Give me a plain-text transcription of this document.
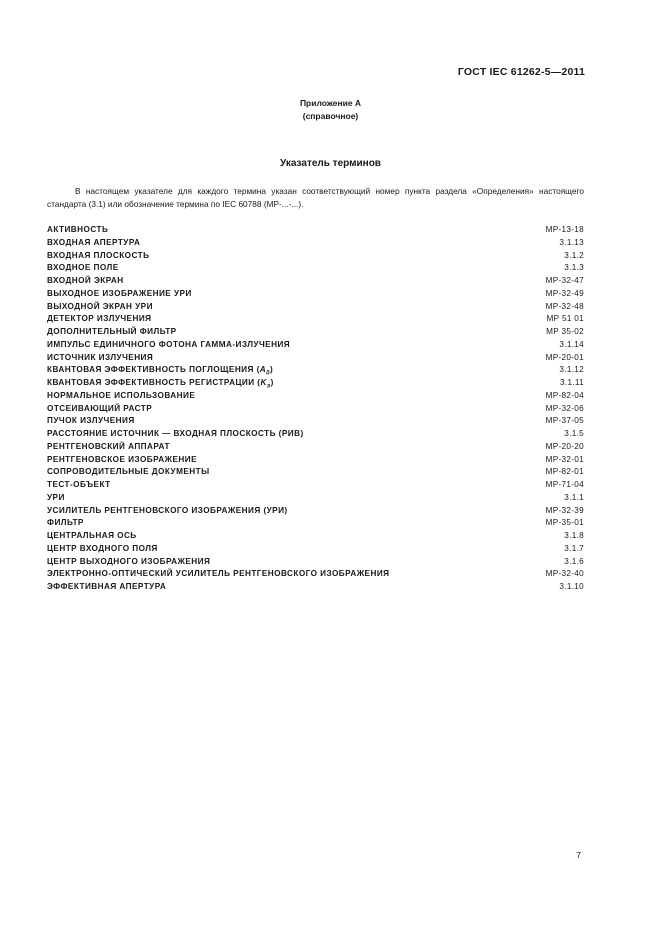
ГОСТ IEC 61262-5—2011
Приложение А
(справочное)
Указатель терминов

В настоящем указателе для каждого термина указан соответствующий номер пункта раздела «Определения» настоящего стандарта (3.1) или обозначение термина по IEC 60788 (МР-...-...).

АКТИВНОСТЬ	МР-13-18
ВХОДНАЯ АПЕРТУРА	3.1.13
ВХОДНАЯ ПЛОСКОСТЬ	3.1.2
ВХОДНОЕ ПОЛЕ	3.1.3
ВХОДНОЙ ЭКРАН	МР-32-47
ВЫХОДНОЕ ИЗОБРАЖЕНИЕ УРИ	МР-32-49
ВЫХОДНОЙ ЭКРАН УРИ	МР-32-48
ДЕТЕКТОР ИЗЛУЧЕНИЯ	МР 51 01
ДОПОЛНИТЕЛЬНЫЙ ФИЛЬТР	МР 35-02
ИМПУЛЬС ЕДИНИЧНОГО ФОТОНА ГАММА-ИЗЛУЧЕНИЯ	3.1.14
ИСТОЧНИК ИЗЛУЧЕНИЯ	МР-20-01
КВАНТОВАЯ ЭФФЕКТИВНОСТЬ ПОГЛОЩЕНИЯ $(A_0)$	3.1.12
КВАНТОВАЯ ЭФФЕКТИВНОСТЬ РЕГИСТРАЦИИ $(K_э)$	3.1.11
НОРМАЛЬНОЕ ИСПОЛЬЗОВАНИЕ	МР-82-04
ОТСЕИВАЮЩИЙ РАСТР	МР-32-06
ПУЧОК ИЗЛУЧЕНИЯ	МР-37-05
РАССТОЯНИЕ ИСТОЧНИК — ВХОДНАЯ ПЛОСКОСТЬ (РИВ)	3.1.5
РЕНТГЕНОВСКИЙ АППАРАТ	МР-20-20
РЕНТГЕНОВСКОЕ ИЗОБРАЖЕНИЕ	МР-32-01
СОПРОВОДИТЕЛЬНЫЕ ДОКУМЕНТЫ	МР-82-01
ТЕСТ-ОБЪЕКТ	МР-71-04
УРИ	3.1.1
УСИЛИТЕЛЬ РЕНТГЕНОВСКОГО ИЗОБРАЖЕНИЯ (УРИ)	МР-32-39
ФИЛЬТР	МР-35-01
ЦЕНТРАЛЬНАЯ ОСЬ	3.1.8
ЦЕНТР ВХОДНОГО ПОЛЯ	3.1.7
ЦЕНТР ВЫХОДНОГО ИЗОБРАЖЕНИЯ	3.1.6
ЭЛЕКТРОННО-ОПТИЧЕСКИЙ УСИЛИТЕЛЬ РЕНТГЕНОВСКОГО ИЗОБРАЖЕНИЯ	МР-32-40
ЭФФЕКТИВНАЯ АПЕРТУРА	3.1.10
7
